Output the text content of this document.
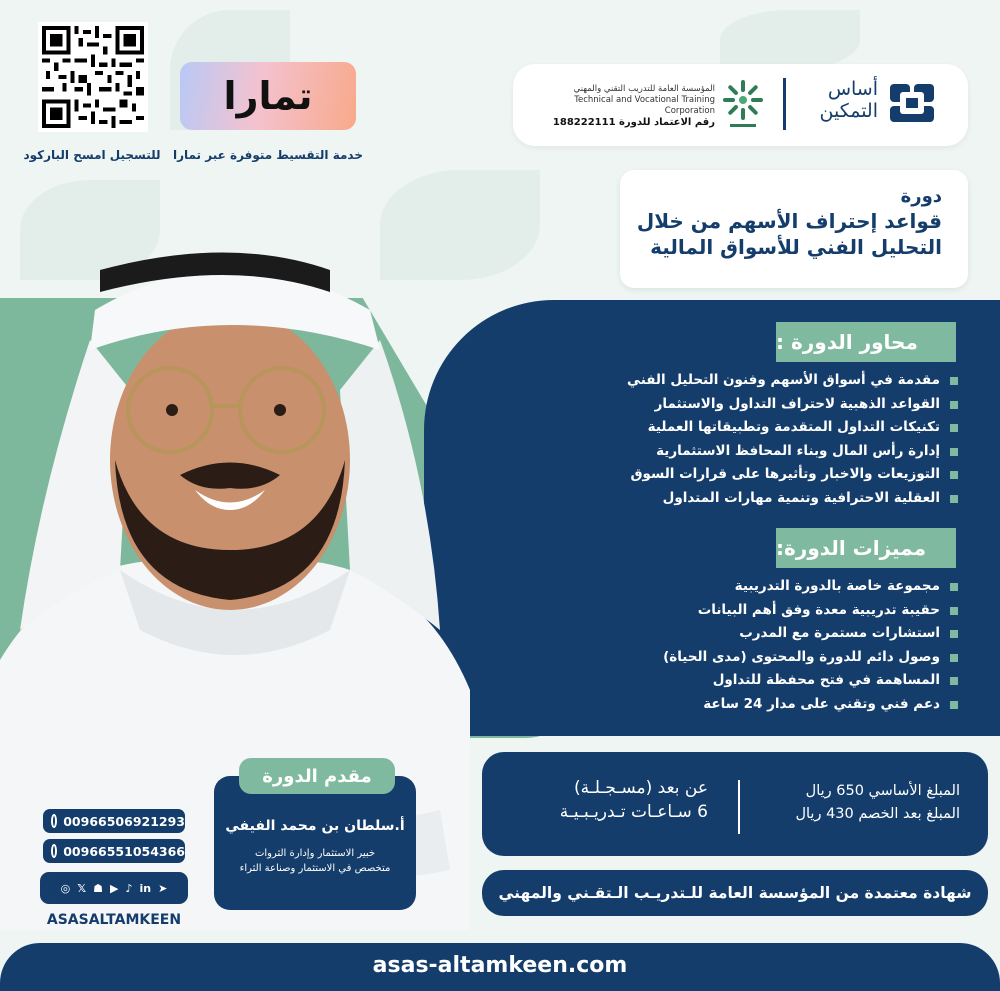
للتسجيل امسح الباركود
تمارا
خدمة التقسيط متوفرة عبر تمارا
أساس
التمكين
المؤسسة العامة للتدريب التقني والمهني
Technical and Vocational Training Corporation
رقم الاعتماد للدورة 188222111
دورة
قواعد إحتراف الأسهم من خلال
التحليل الفني للأسواق المالية
محاور الدورة :
مقدمة في أسواق الأسهم وفنون التحليل الفني
القواعد الذهبية لاحتراف التداول والاستثمار
تكنيكات التداول المتقدمة وتطبيقاتها العملية
إدارة رأس المال وبناء المحافظ الاستثمارية
التوزيعات والاخبار وتأثيرها على قرارات السوق
العقلية الاحترافية وتنمية مهارات المتداول
مميزات الدورة:
مجموعة خاصة بالدورة التدريبية
حقيبة تدريبية معدة وفق أهم البيانات
استشارات مستمرة مع المدرب
وصول دائم للدورة والمحتوى (مدى الحياة)
المساهمة في فتح محفظة للتداول
دعم فني وتقني على مدار 24 ساعة
المبلغ الأساسي 650 ريال
المبلغ بعد الخصم 430 ريال
عن بعد (مسـجـلـة)
6 سـاعـات تـدريـبـيـة
شهادة معتمدة من المؤسسة العامة للـتدريـب الـتقـني والمهني
أ.سلطان بن محمد الفيفي
خبير الاستثمار وإدارة الثروات
متخصص في الاستثمار وصناعة الثراء
مقدم الدورة
00966506921293
00966551054366
◎ 𝕏 ☗ ▶ ♪ in ➤
ASASALTAMKEEN
asas-altamkeen.com
